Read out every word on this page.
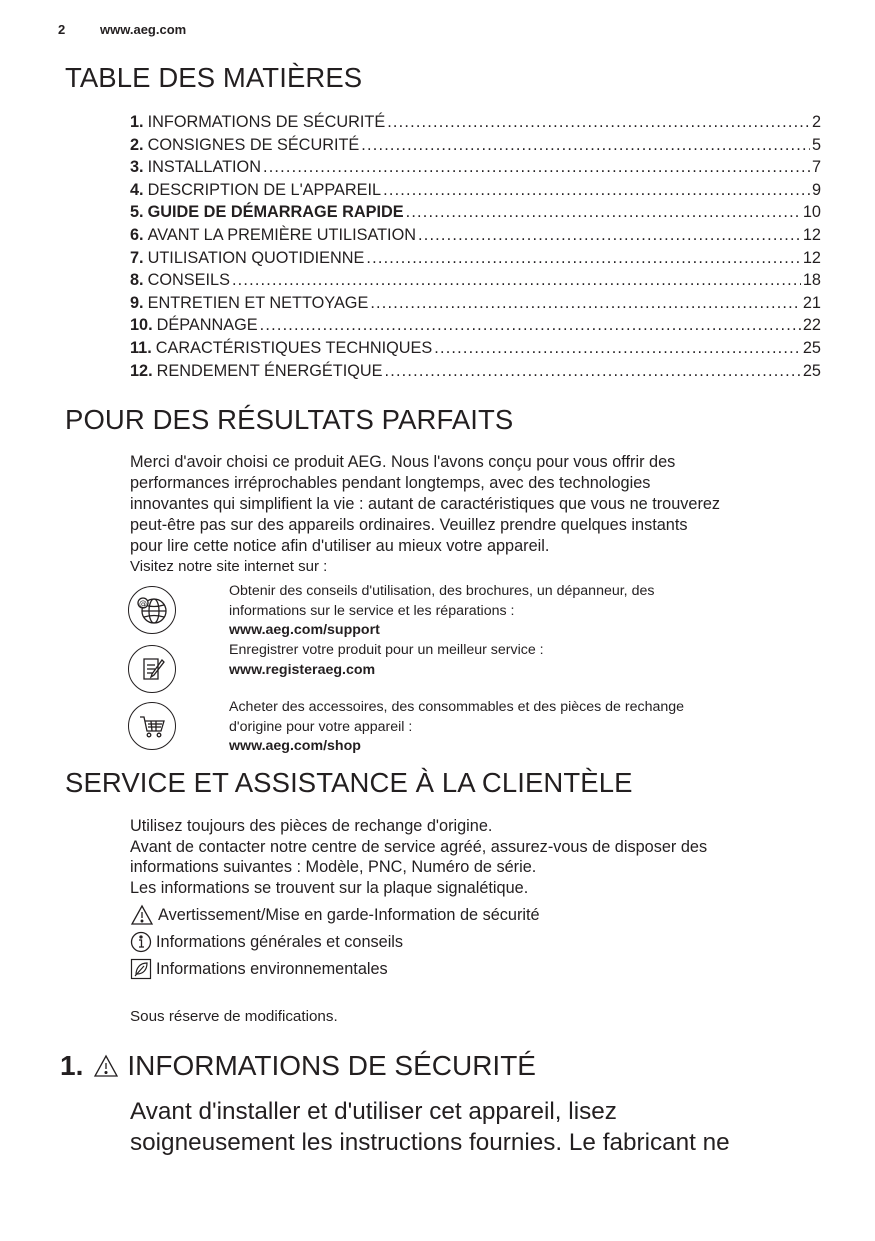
2	www.aeg.com
TABLE DES MATIÈRES
1. INFORMATIONS DE SÉCURITÉ .....	2
2. CONSIGNES DE SÉCURITÉ .....	5
3. INSTALLATION .....	7
4. DESCRIPTION DE L'APPAREIL .....	9
5. GUIDE DE DÉMARRAGE RAPIDE .....	10
6. AVANT LA PREMIÈRE UTILISATION .....	12
7. UTILISATION QUOTIDIENNE .....	12
8. CONSEILS .....	18
9. ENTRETIEN ET NETTOYAGE .....	21
10. DÉPANNAGE .....	22
11. CARACTÉRISTIQUES TECHNIQUES .....	25
12. RENDEMENT ÉNERGÉTIQUE .....	25
POUR DES RÉSULTATS PARFAITS

Merci d'avoir choisi ce produit AEG. Nous l'avons conçu pour vous offrir des

performances irréprochables pendant longtemps, avec des technologies

innovantes qui simplifient la vie : autant de caractéristiques que vous ne trouverez

peut-être pas sur des appareils ordinaires. Veuillez prendre quelques instants

pour lire cette notice afin d'utiliser au mieux votre appareil.

Visitez notre site internet sur :

@
Obtenir des conseils d'utilisation, des brochures, un dépanneur, des
informations sur le service et les réparations :
www.aeg.com/support
Enregistrer votre produit pour un meilleur service :
www.registeraeg.com
Acheter des accessoires, des consommables et des pièces de rechange
d'origine pour votre appareil :
www.aeg.com/shop
SERVICE ET ASSISTANCE À LA CLIENTÈLE

Utilisez toujours des pièces de rechange d'origine.

Avant de contacter notre centre de service agréé, assurez-vous de disposer des

informations suivantes : Modèle, PNC, Numéro de série.

Les informations se trouvent sur la plaque signalétique.

Avertissement/Mise en garde-Information de sécurité
Informations générales et conseils
Informations environnementales
Sous réserve de modifications.
1. INFORMATIONS DE SÉCURITÉ

Avant d'installer et d'utiliser cet appareil, lisez

soigneusement les instructions fournies. Le fabricant ne
